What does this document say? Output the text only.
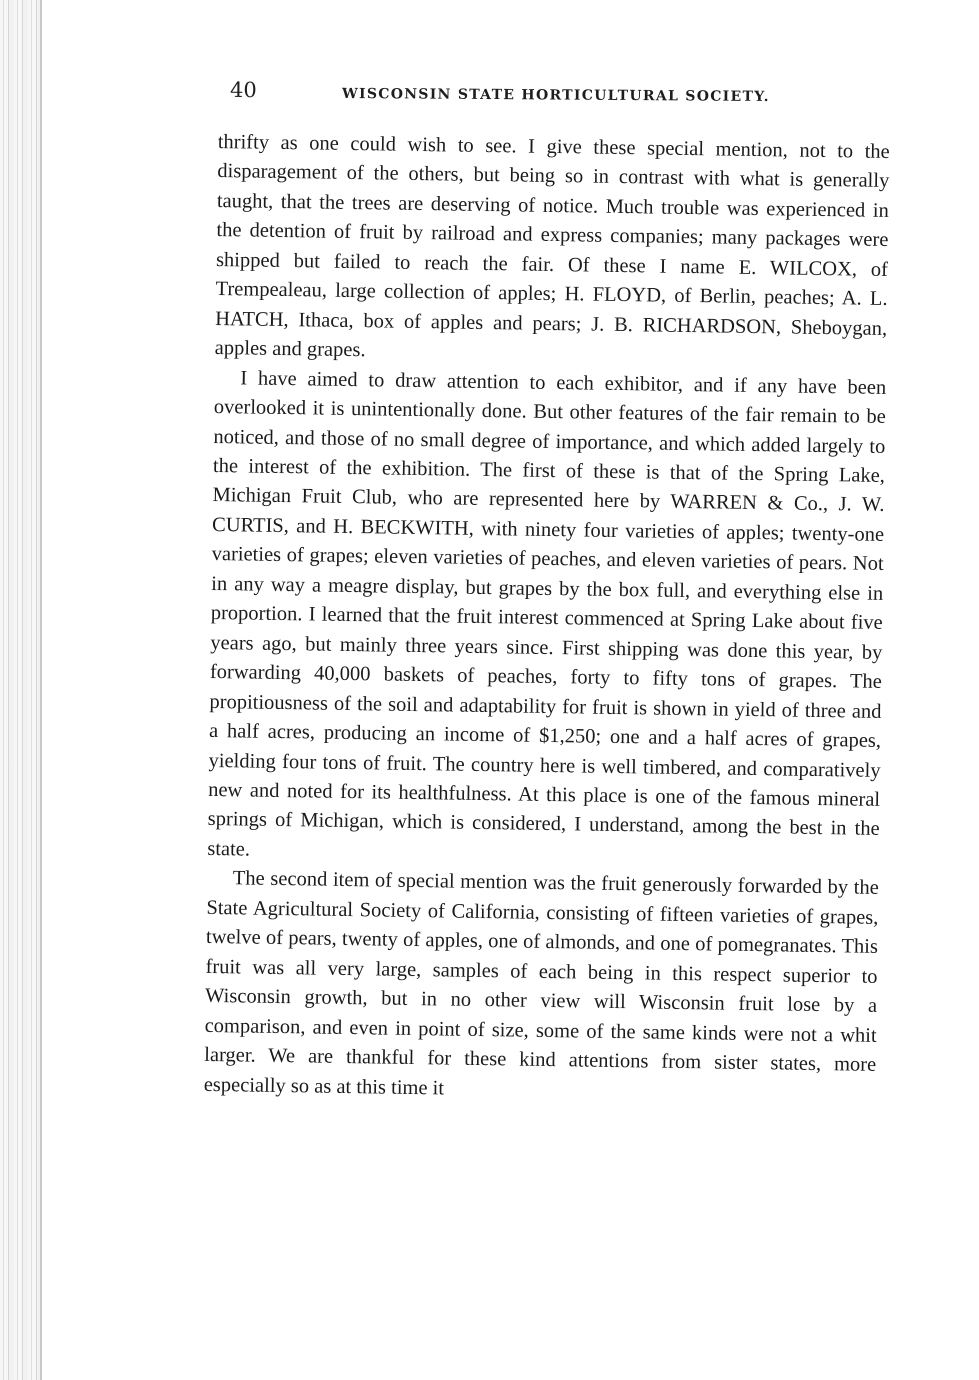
40	WISCONSIN STATE HORTICULTURAL SOCIETY.

thrifty as one could wish to see. I give these special mention, not to the disparagement of the others, but being so in contrast with what is generally taught, that the trees are deserving of notice. Much trouble was experienced in the detention of fruit by railroad and express companies; many packages were shipped but failed to reach the fair. Of these I name E. WILCOX, of Trempealeau, large collection of apples; H. FLOYD, of Berlin, peaches; A. L. HATCH, Ithaca, box of apples and pears; J. B. RICHARDSON, Sheboygan, apples and grapes.

I have aimed to draw attention to each exhibitor, and if any have been overlooked it is unintentionally done. But other features of the fair remain to be noticed, and those of no small degree of importance, and which added largely to the interest of the exhibition. The first of these is that of the Spring Lake, Michigan Fruit Club, who are represented here by WARREN & Co., J. W. CURTIS, and H. BECKWITH, with ninety four varieties of apples; twenty-one varieties of grapes; eleven varieties of peaches, and eleven varieties of pears. Not in any way a meagre display, but grapes by the box full, and everything else in proportion. I learned that the fruit interest commenced at Spring Lake about five years ago, but mainly three years since. First shipping was done this year, by forwarding 40,000 baskets of peaches, forty to fifty tons of grapes. The propitiousness of the soil and adaptability for fruit is shown in yield of three and a half acres, producing an income of $1,250; one and a half acres of grapes, yielding four tons of fruit. The country here is well timbered, and comparatively new and noted for its healthfulness. At this place is one of the famous mineral springs of Michigan, which is considered, I understand, among the best in the state.

The second item of special mention was the fruit generously forwarded by the State Agricultural Society of California, consisting of fifteen varieties of grapes, twelve of pears, twenty of apples, one of almonds, and one of pomegranates. This fruit was all very large, samples of each being in this respect superior to Wisconsin growth, but in no other view will Wisconsin fruit lose by a comparison, and even in point of size, some of the same kinds were not a whit larger. We are thankful for these kind attentions from sister states, more especially so as at this time it
